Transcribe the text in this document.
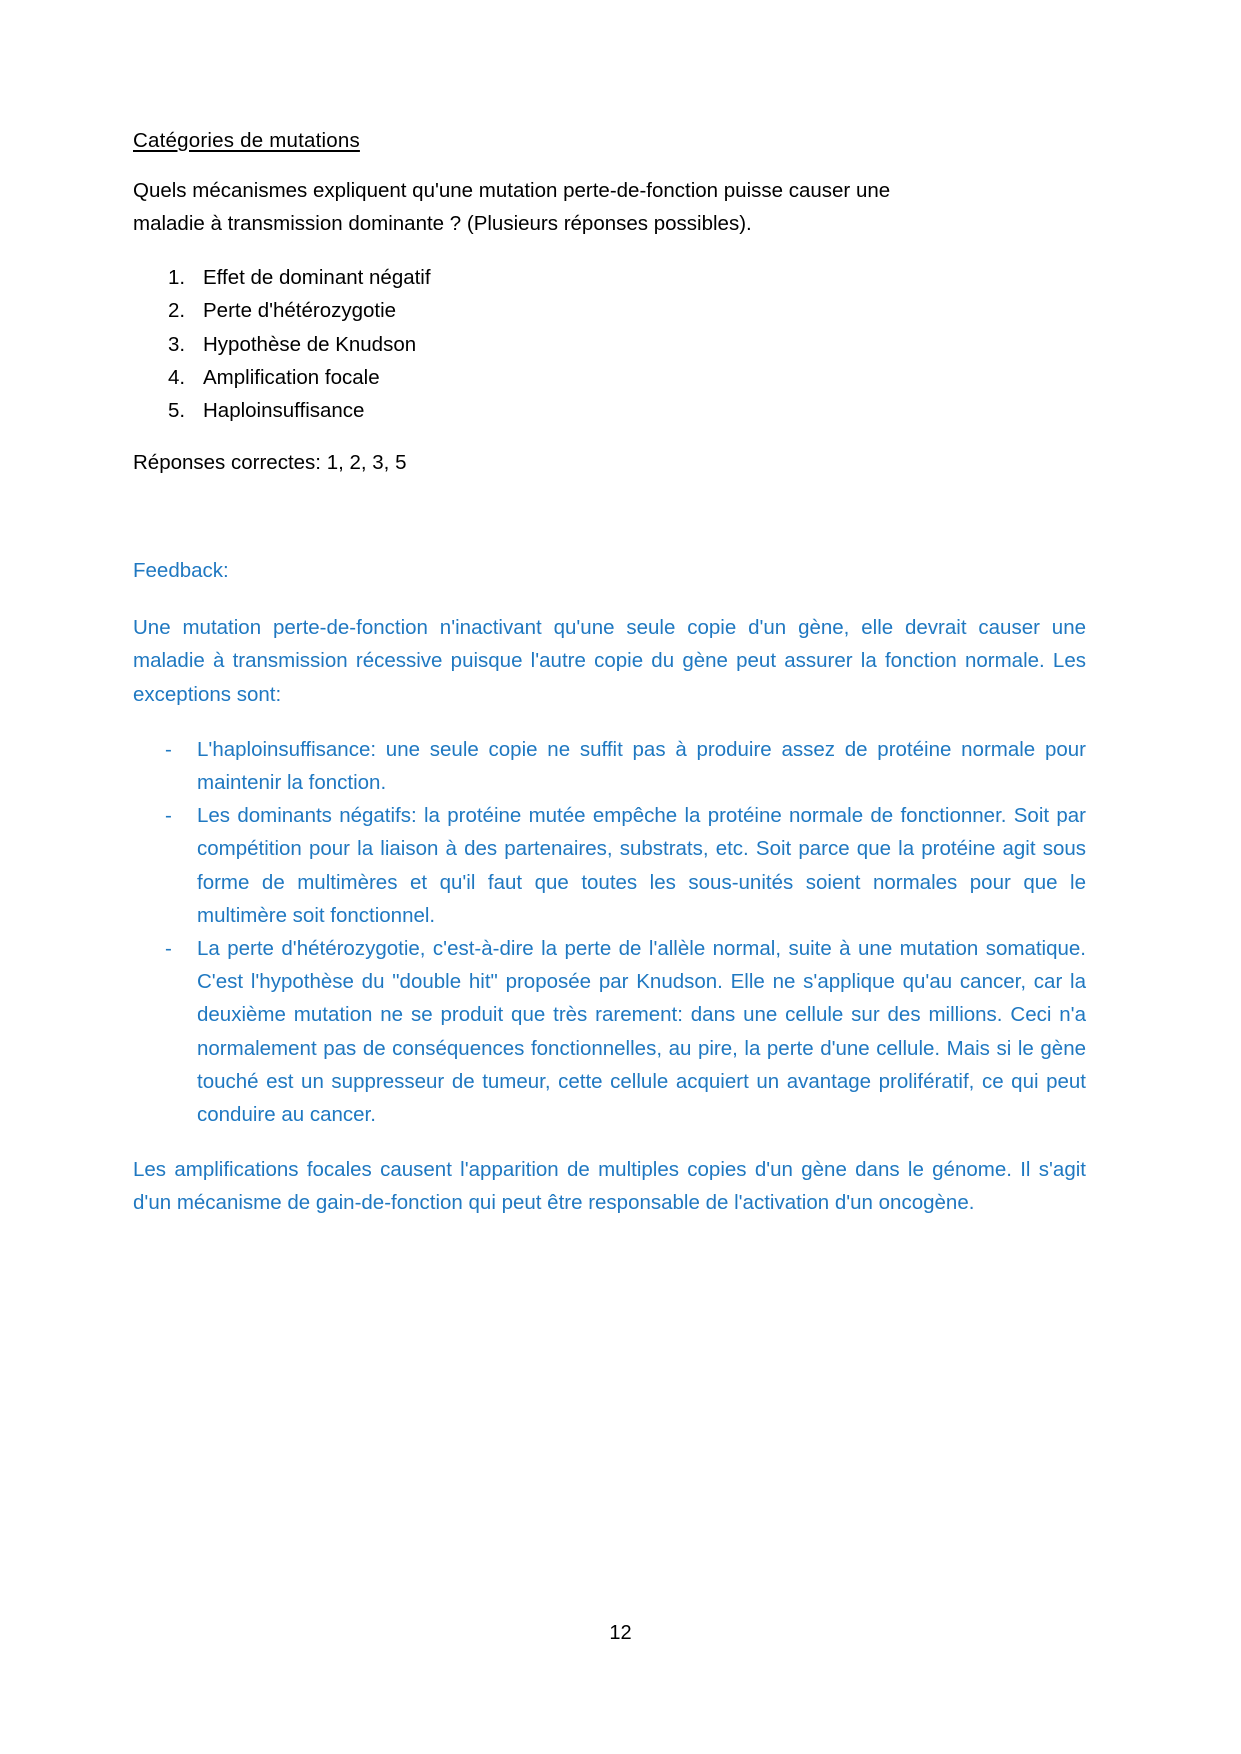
Catégories de mutations

Quels mécanismes expliquent qu'une mutation perte-de-fonction puisse causer une maladie à transmission dominante ? (Plusieurs réponses possibles).

Effet de dominant négatif
Perte d'hétérozygotie
Hypothèse de Knudson
Amplification focale
Haploinsuffisance

Réponses correctes: 1, 2, 3, 5

Feedback:

Une mutation perte-de-fonction n'inactivant qu'une seule copie d'un gène, elle devrait causer une maladie à transmission récessive puisque l'autre copie du gène peut assurer la fonction normale. Les exceptions sont:

- L'haploinsuffisance: une seule copie ne suffit pas à produire assez de protéine normale pour maintenir la fonction.
- Les dominants négatifs: la protéine mutée empêche la protéine normale de fonctionner. Soit par compétition pour la liaison à des partenaires, substrats, etc. Soit parce que la protéine agit sous forme de multimères et qu'il faut que toutes les sous-unités soient normales pour que le multimère soit fonctionnel.
- La perte d'hétérozygotie, c'est-à-dire la perte de l'allèle normal, suite à une mutation somatique. C'est l'hypothèse du "double hit" proposée par Knudson. Elle ne s'applique qu'au cancer, car la deuxième mutation ne se produit que très rarement: dans une cellule sur des millions. Ceci n'a normalement pas de conséquences fonctionnelles, au pire, la perte d'une cellule. Mais si le gène touché est un suppresseur de tumeur, cette cellule acquiert un avantage prolifératif, ce qui peut conduire au cancer.

Les amplifications focales causent l'apparition de multiples copies d'un gène dans le génome. Il s'agit d'un mécanisme de gain-de-fonction qui peut être responsable de l'activation d'un oncogène.

12
